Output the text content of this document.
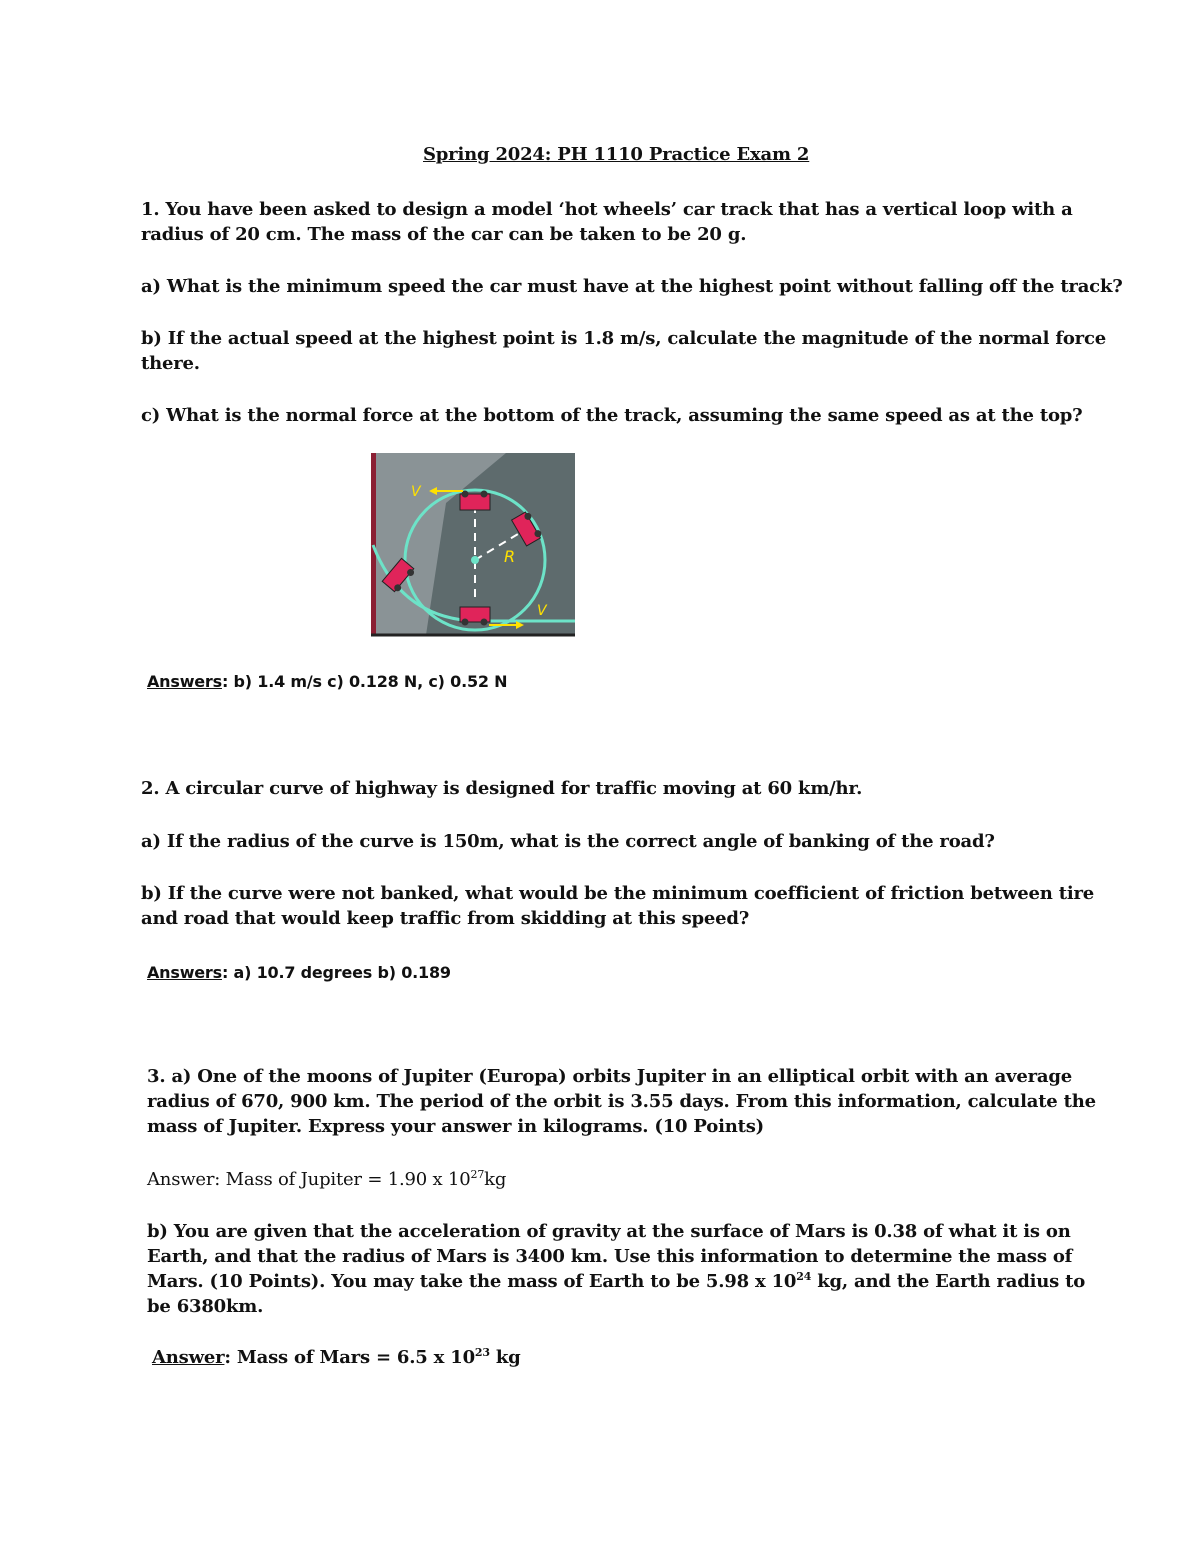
Spring 2024: PH 1110 Practice Exam 2
1. You have been asked to design a model ‘hot wheels’ car track that has a vertical loop with a
radius of 20 cm. The mass of the car can be taken to be 20 g.
a) What is the minimum speed the car must have at the highest point without falling off the track?
b) If the actual speed at the highest point is 1.8 m/s, calculate the magnitude of the normal force
there.
c) What is the normal force at the bottom of the track, assuming the same speed as at the top?
R
V
V
Answers: b) 1.4 m/s c) 0.128 N, c) 0.52 N
2. A circular curve of highway is designed for traffic moving at 60 km/hr.
a) If the radius of the curve is 150m, what is the correct angle of banking of the road?
b) If the curve were not banked, what would be the minimum coefficient of friction between tire
and road that would keep traffic from skidding at this speed?
Answers: a) 10.7 degrees b) 0.189
3. a) One of the moons of Jupiter (Europa) orbits Jupiter in an elliptical orbit with an average
radius of 670, 900 km. The period of the orbit is 3.55 days. From this information, calculate the
mass of Jupiter. Express your answer in kilograms. (10 Points)
Answer: Mass of Jupiter = 1.90 x $10^{27}kg$
b) You are given that the acceleration of gravity at the surface of Mars is 0.38 of what it is on
Earth, and that the radius of Mars is 3400 km. Use this information to determine the mass of
Mars. (10 Points). You may take the mass of Earth to be 5.98 x $10^{24}$ kg, and the Earth radius to
be 6380km.
Answer: Mass of Mars = 6.5 x $10^{23}$ kg
